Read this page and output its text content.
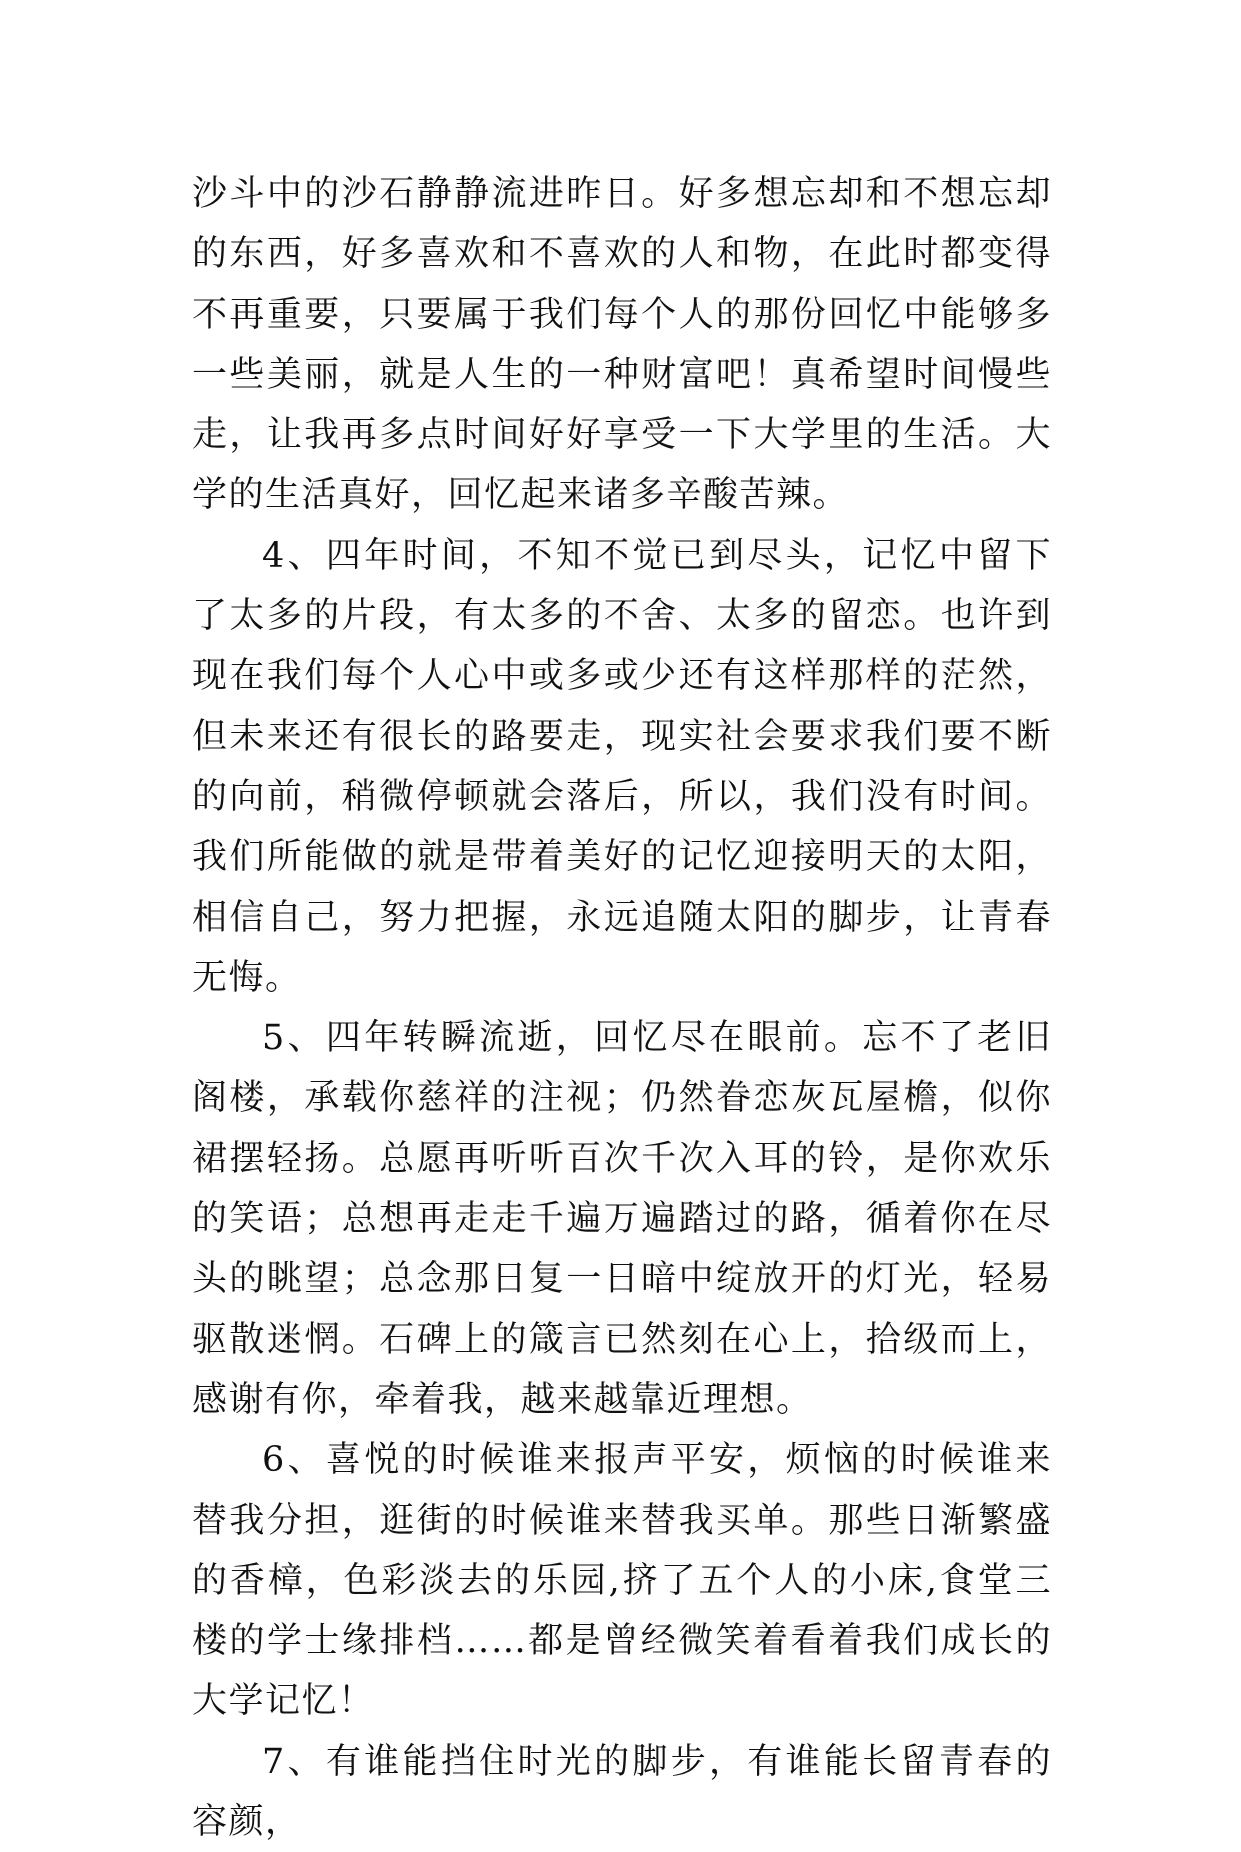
沙斗中的沙石静静流进昨日。好多想忘却和不想忘却的东西，好多喜欢和不喜欢的人和物，在此时都变得不再重要，只要属于我们每个人的那份回忆中能够多一些美丽，就是人生的一种财富吧！真希望时间慢些走，让我再多点时间好好享受一下大学里的生活。大学的生活真好，回忆起来诸多辛酸苦辣。

4、四年时间，不知不觉已到尽头，记忆中留下了太多的片段，有太多的不舍、太多的留恋。也许到现在我们每个人心中或多或少还有这样那样的茫然，但未来还有很长的路要走，现实社会要求我们要不断的向前，稍微停顿就会落后，所以，我们没有时间。我们所能做的就是带着美好的记忆迎接明天的太阳，相信自己，努力把握，永远追随太阳的脚步，让青春无悔。

5、四年转瞬流逝，回忆尽在眼前。忘不了老旧阁楼，承载你慈祥的注视；仍然眷恋灰瓦屋檐，似你裙摆轻扬。总愿再听听百次千次入耳的铃，是你欢乐的笑语；总想再走走千遍万遍踏过的路，循着你在尽头的眺望；总念那日复一日暗中绽放开的灯光，轻易驱散迷惘。石碑上的箴言已然刻在心上，拾级而上，感谢有你，牵着我，越来越靠近理想。

6、喜悦的时候谁来报声平安，烦恼的时候谁来替我分担，逛街的时候谁来替我买单。那些日渐繁盛的香樟，色彩淡去的乐园,挤了五个人的小床,食堂三楼的学士缘排档……都是曾经微笑着看着我们成长的大学记忆！

7、有谁能挡住时光的脚步，有谁能长留青春的容颜，
